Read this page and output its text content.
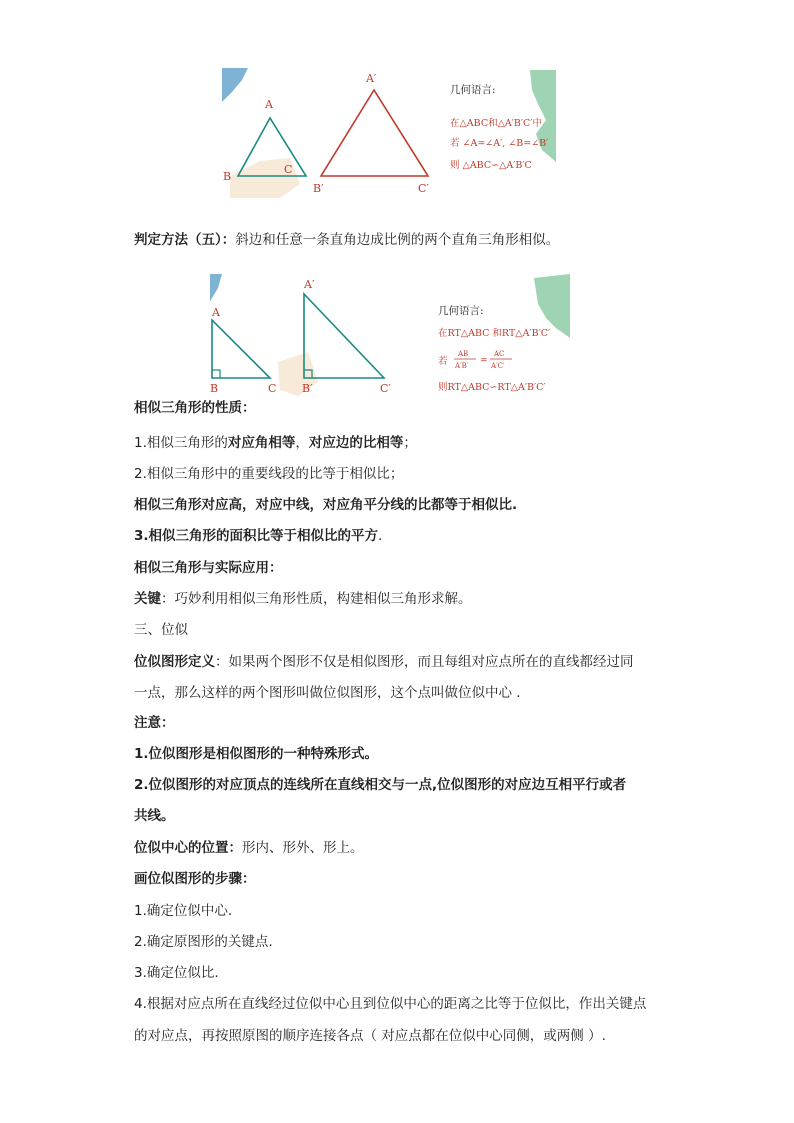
A
B
C
A′
B′	C′
几何语言:
在△ABC和△A′B′C′中
若 ∠A=∠A′, ∠B=∠B′
则 △ABC∽△A′B′C
判定方法（五）：斜边和任意一条直角边成比例的两个直角三角形相似。
A
B	C
A′
B′	C′
几何语言:
在RT△ABC 和RT△A′B′C′
若
AB
A′B′ =
AC
A′C′
则RT△ABC∽RT△A′B′C′
相似三角形的性质：
1.相似三角形的对应角相等，对应边的比相等；
2.相似三角形中的重要线段的比等于相似比；
相似三角形对应高，对应中线，对应角平分线的比都等于相似比.
3.相似三角形的面积比等于相似比的平方.
相似三角形与实际应用：
关键：巧妙利用相似三角形性质，构建相似三角形求解。
三、位似
位似图形定义：如果两个图形不仅是相似图形，而且每组对应点所在的直线都经过同
一点，那么这样的两个图形叫做位似图形，这个点叫做位似中心 .
注意：
1.位似图形是相似图形的一种特殊形式。
2.位似图形的对应顶点的连线所在直线相交与一点,位似图形的对应边互相平行或者
共线。
位似中心的位置：形内、形外、形上。
画位似图形的步骤：
1.确定位似中心.
2.确定原图形的关键点.
3.确定位似比.
4.根据对应点所在直线经过位似中心且到位似中心的距离之比等于位似比，作出关键点
的对应点，再按照原图的顺序连接各点（ 对应点都在位似中心同侧，或两侧 ）.
